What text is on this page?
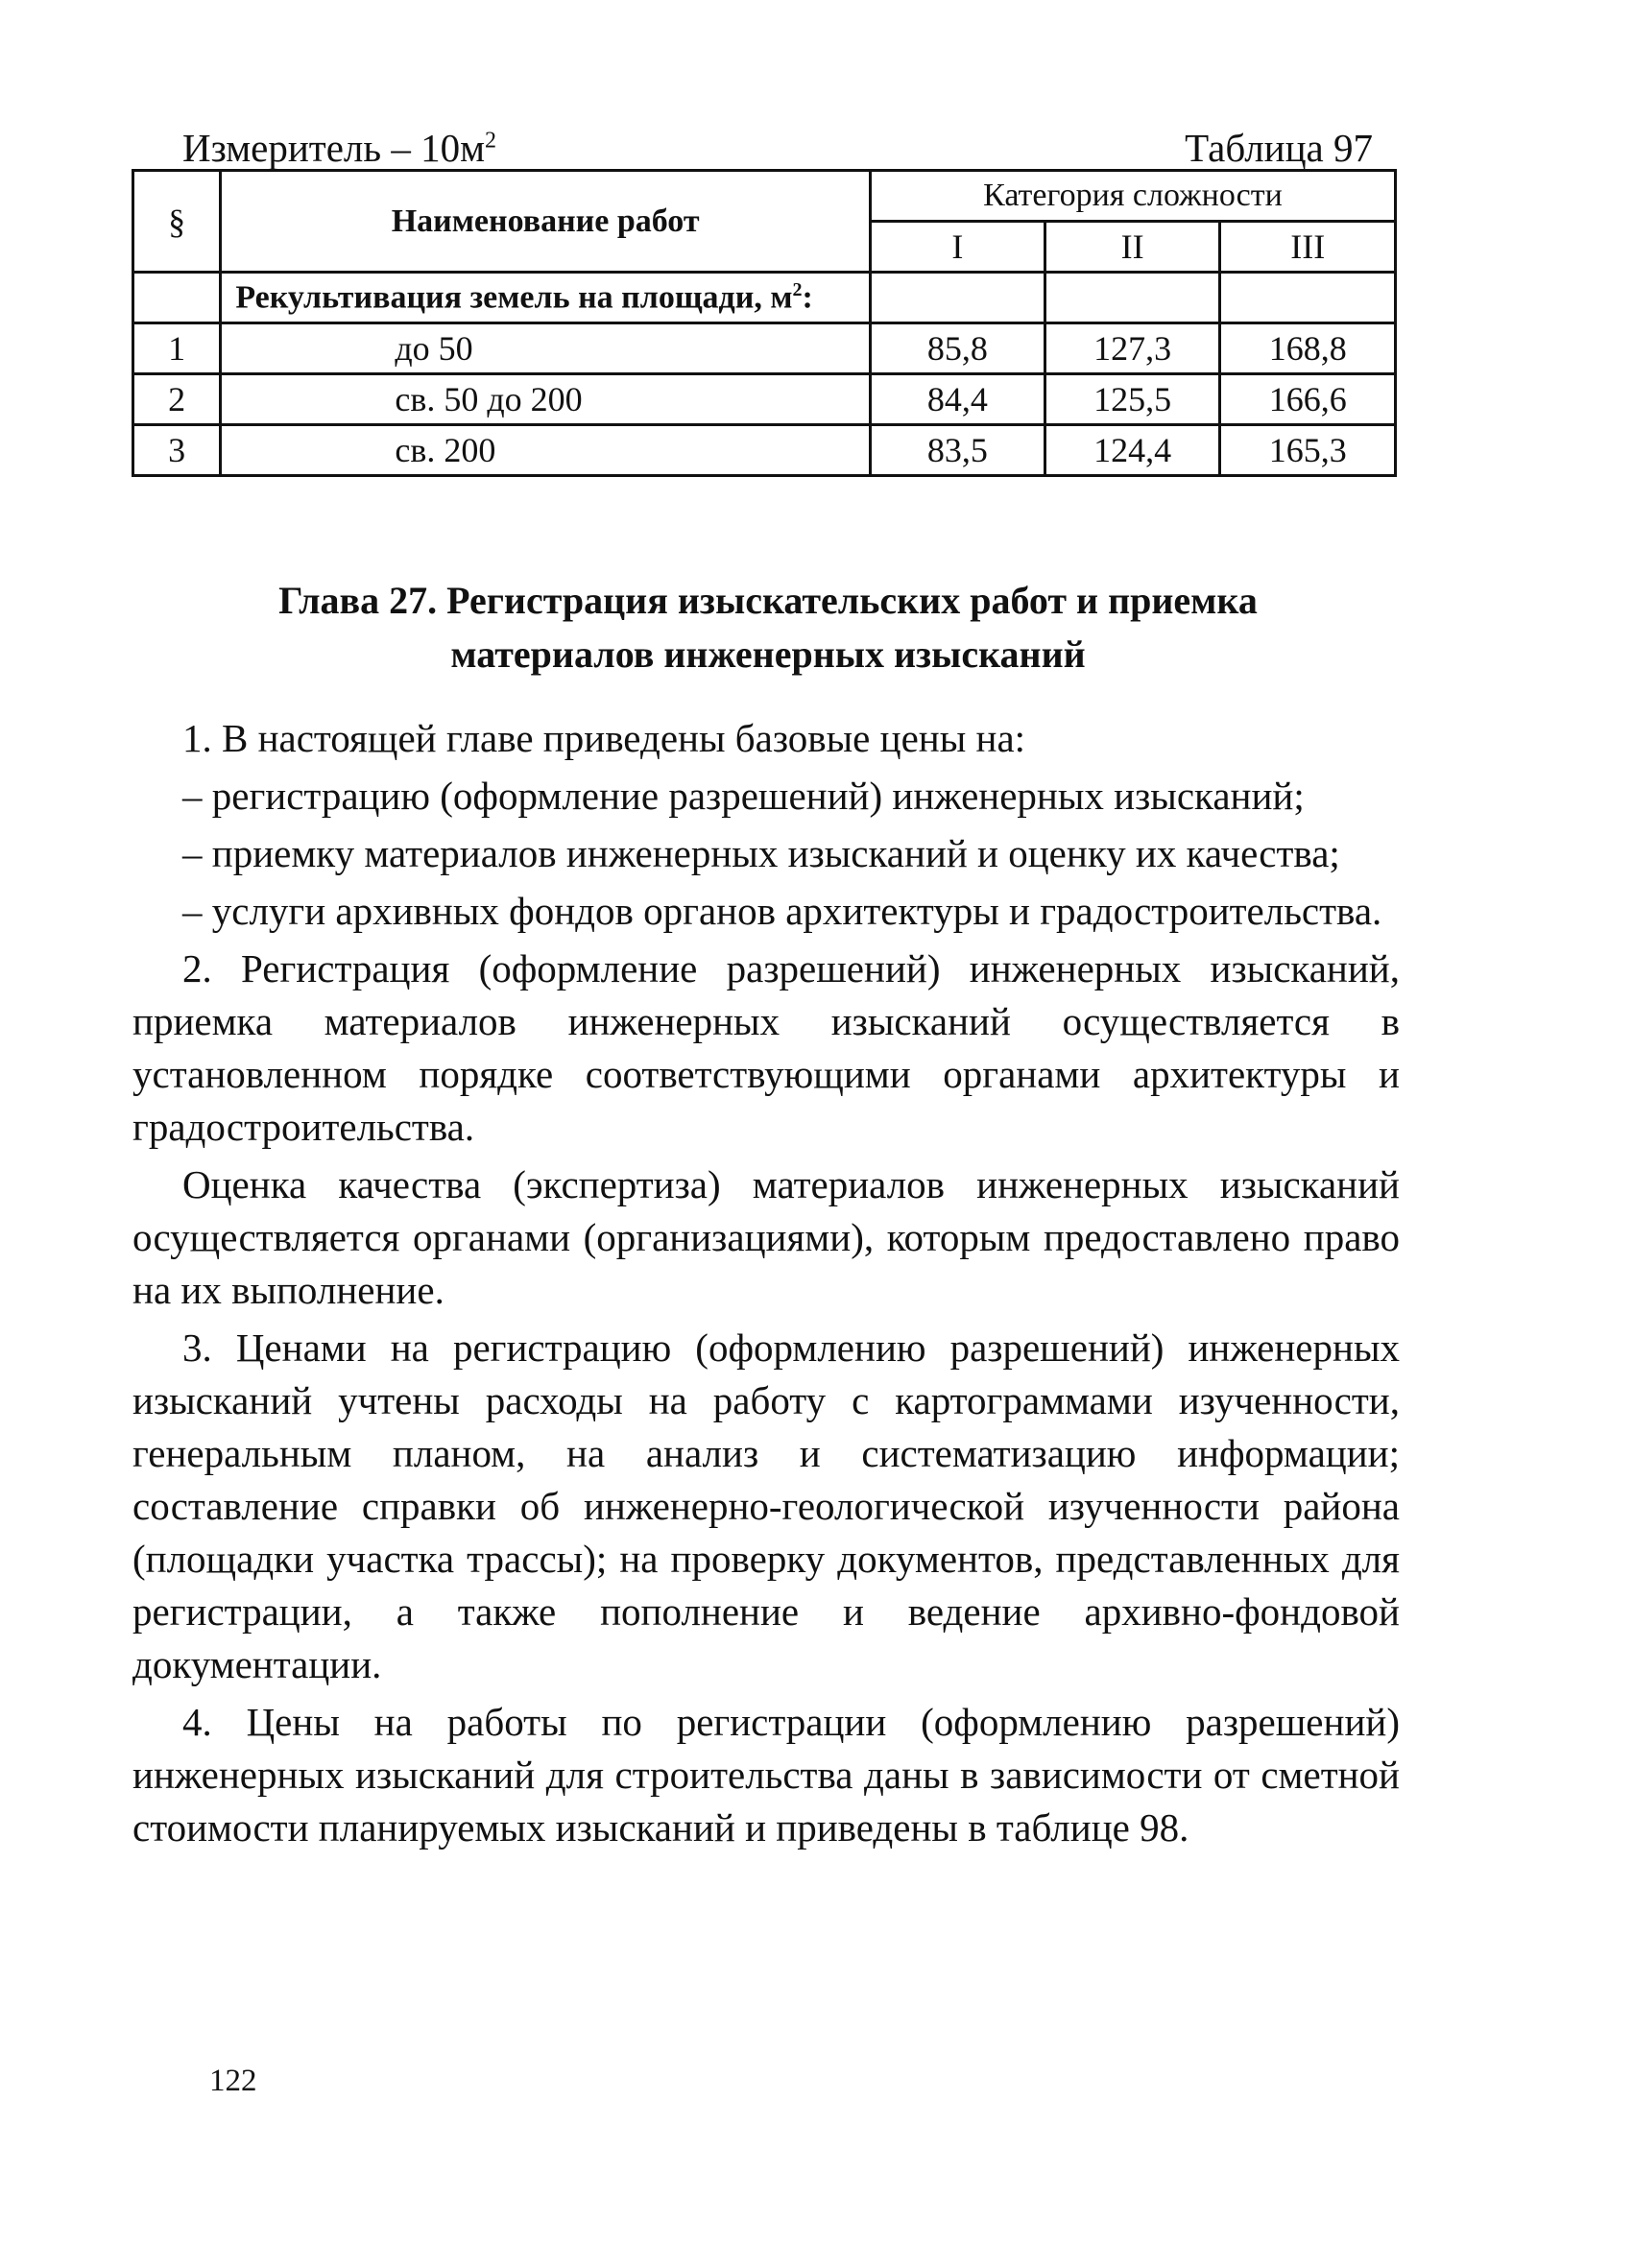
Измеритель – $10м^2$	Таблица 97
§	Наименование работ	Категория сложности		
		I	II	III
	Рекультивация земель на площади, $м^2$:			
1	до 50	85,8	127,3	168,8
2	св. 50 до 200	84,4	125,5	166,6
3	св. 200	83,5	124,4	165,3
Глава 27. Регистрация изыскательских работ и приемка
материалов инженерных изысканий

1. В настоящей главе приведены базовые цены на:

– регистрацию (оформление разрешений) инженерных изысканий;

– приемку материалов инженерных изысканий и оценку их качества;

– услуги архивных фондов органов архитектуры и градостроительства.

2. Регистрация (оформление разрешений) инженерных изысканий, приемка материалов инженерных изысканий осуществляется в установленном порядке соответствующими органами архитектуры и градостроительства.

Оценка качества (экспертиза) материалов инженерных изысканий осуществляется органами (организациями), которым предоставлено право на их выполнение.

3. Ценами на регистрацию (оформлению разрешений) инженерных изысканий учтены расходы на работу с картограммами изученности, генеральным планом, на анализ и систематизацию информации; составление справки об инженерно-геологической изученности района (площадки участка трассы); на проверку документов, представленных для регистрации, а также пополнение и ведение архивно-фондовой документации.

4. Цены на работы по регистрации (оформлению разрешений) инженерных изысканий для строительства даны в зависимости от сметной стоимости планируемых изысканий и приведены в таблице 98.

122
